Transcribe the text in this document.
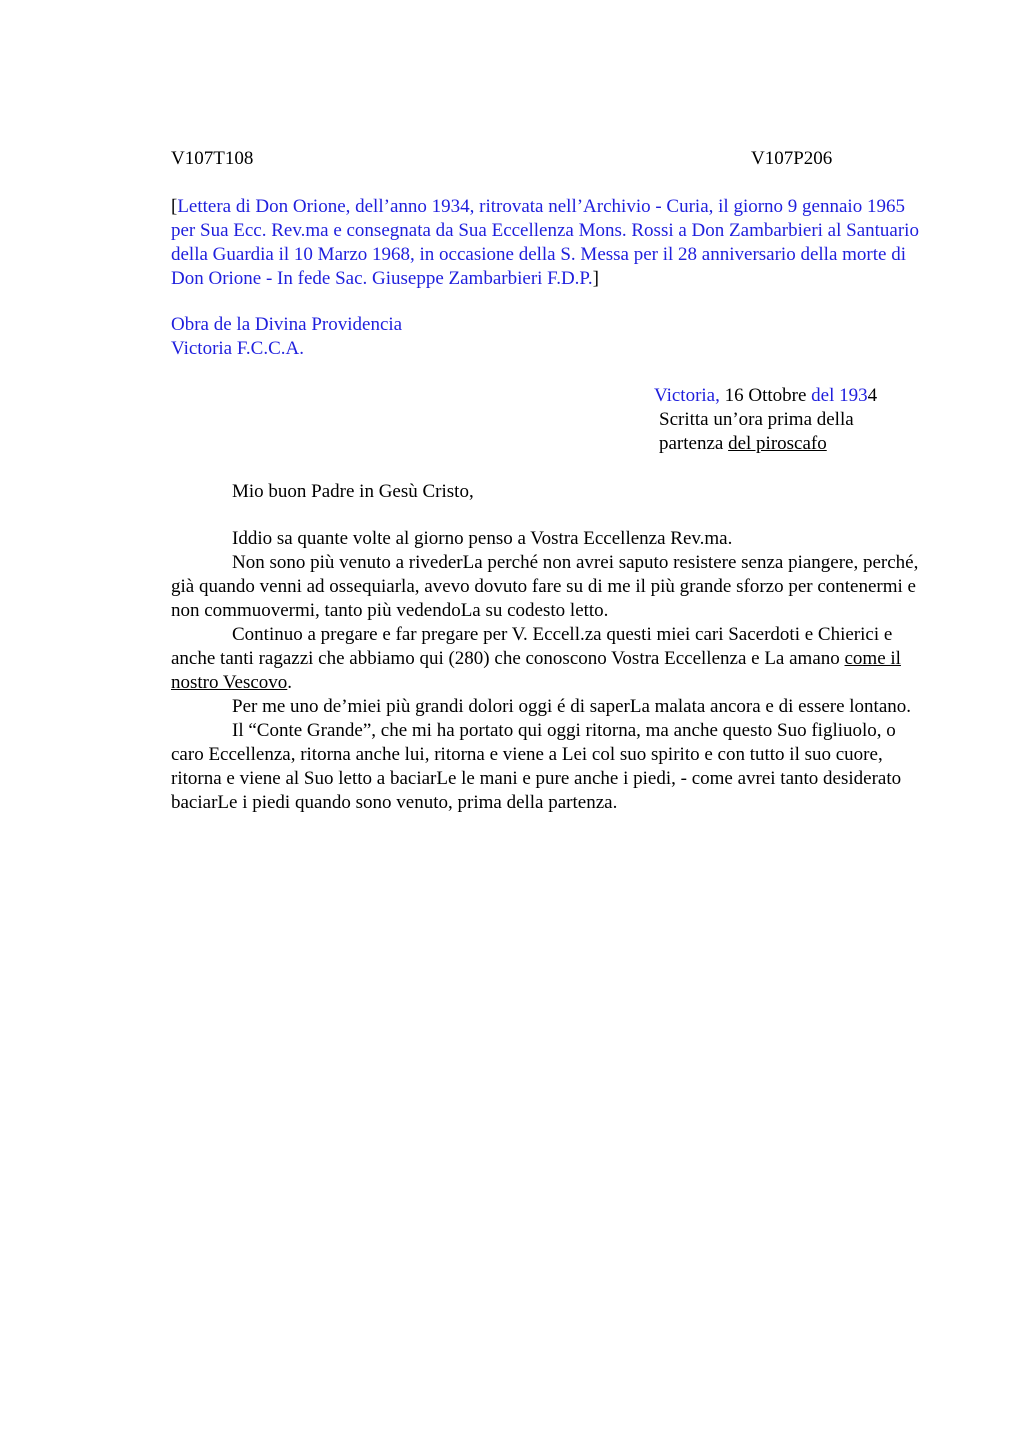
V107T108	V107P206
[Lettera di Don Orione, dell’anno 1934, ritrovata nell’Archivio - Curia, il giorno 9 gennaio 1965 per Sua Ecc. Rev.ma e consegnata da Sua Eccellenza Mons. Rossi a Don Zambarbieri al Santuario della Guardia il 10 Marzo 1968, in occasione della S. Messa per il 28 anniversario della morte di Don Orione - In fede Sac. Giuseppe Zambarbieri F.D.P.]
Obra de la Divina Providencia
Victoria F.C.C.A.
Victoria, 16 Ottobre del 1934
Scritta un’ora prima della
partenza del piroscafo
Mio buon Padre in Gesù Cristo,

Iddio sa quante volte al giorno penso a Vostra Eccellenza Rev.ma.

Non sono più venuto a rivederLa perché non avrei saputo resistere senza piangere, perché, già quando venni ad ossequiarla, avevo dovuto fare su di me il più grande sforzo per contenermi e non commuovermi, tanto più vedendoLa su codesto letto.

Continuo a pregare e far pregare per V. Eccell.za questi miei cari Sacerdoti e Chierici e anche tanti ragazzi che abbiamo qui (280) che conoscono Vostra Eccellenza e La amano come il nostro Vescovo.

Per me uno de’miei più grandi dolori oggi é di saperLa malata ancora e di essere lontano.

Il “Conte Grande”, che mi ha portato qui oggi ritorna, ma anche questo Suo figliuolo, o caro Eccellenza, ritorna anche lui, ritorna e viene a Lei col suo spirito e con tutto il suo cuore, ritorna e viene al Suo letto a baciarLe le mani e pure anche i piedi, - come avrei tanto desiderato baciarLe i piedi quando sono venuto, prima della partenza.
